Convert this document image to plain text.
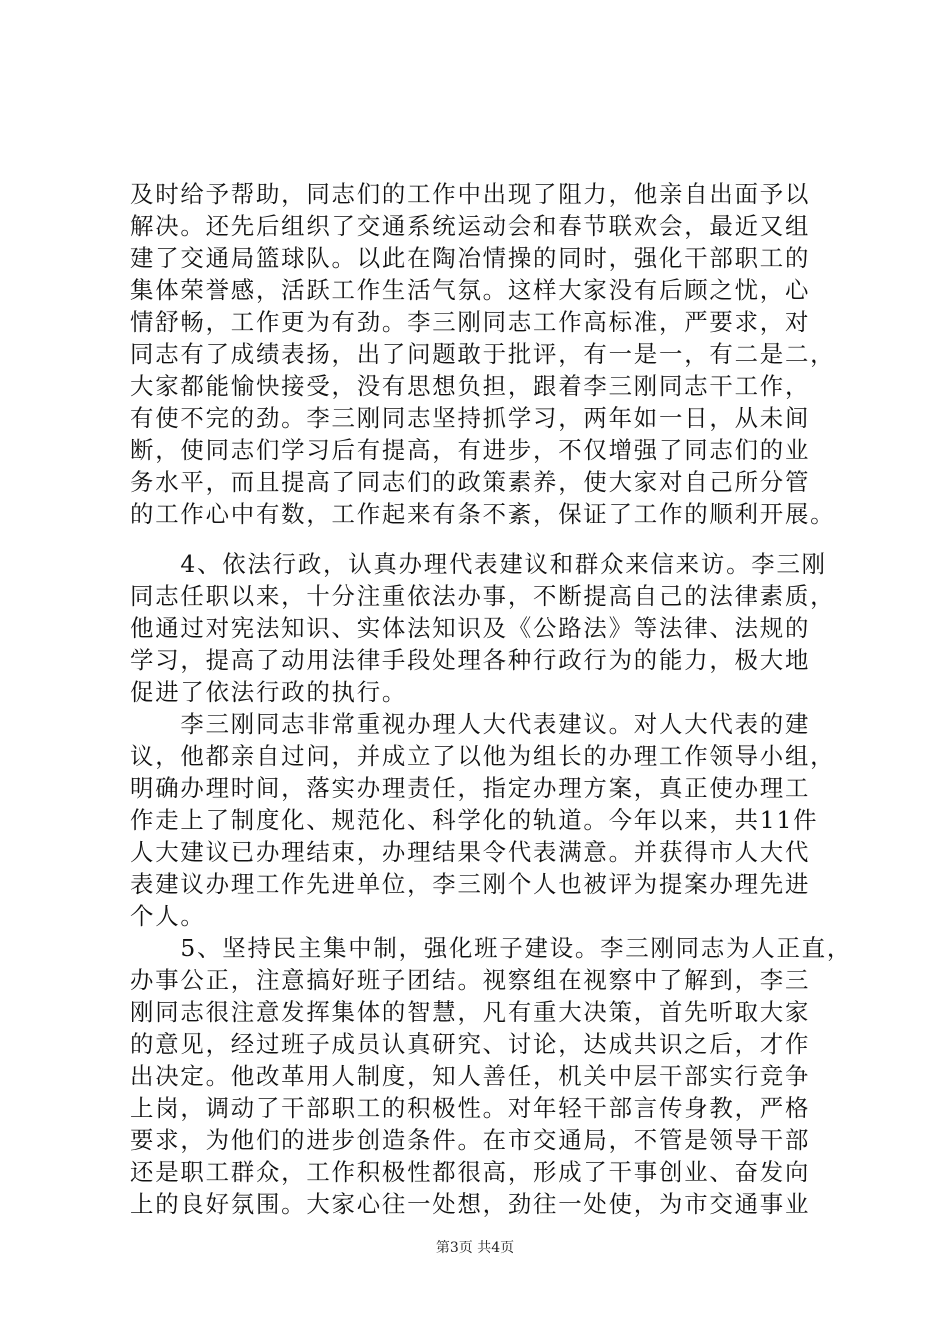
及时给予帮助，同志们的工作中出现了阻力，他亲自出面予以
解决。还先后组织了交通系统运动会和春节联欢会，最近又组
建了交通局篮球队。以此在陶冶情操的同时，强化干部职工的
集体荣誉感，活跃工作生活气氛。这样大家没有后顾之忧，心
情舒畅，工作更为有劲。李三刚同志工作高标准，严要求，对
同志有了成绩表扬，出了问题敢于批评，有一是一，有二是二，
大家都能愉快接受，没有思想负担，跟着李三刚同志干工作，
有使不完的劲。李三刚同志坚持抓学习，两年如一日，从未间
断，使同志们学习后有提高，有进步，不仅增强了同志们的业
务水平，而且提高了同志们的政策素养，使大家对自己所分管
的工作心中有数，工作起来有条不紊，保证了工作的顺利开展。
　　4、依法行政，认真办理代表建议和群众来信来访。李三刚
同志任职以来，十分注重依法办事，不断提高自己的法律素质，
他通过对宪法知识、实体法知识及《公路法》等法律、法规的
学习，提高了动用法律手段处理各种行政行为的能力，极大地
促进了依法行政的执行。
　　李三刚同志非常重视办理人大代表建议。对人大代表的建
议，他都亲自过问，并成立了以他为组长的办理工作领导小组，
明确办理时间，落实办理责任，指定办理方案，真正使办理工
作走上了制度化、规范化、科学化的轨道。今年以来，共11件
人大建议已办理结束，办理结果令代表满意。并获得市人大代
表建议办理工作先进单位，李三刚个人也被评为提案办理先进
个人。
　　5、坚持民主集中制，强化班子建设。李三刚同志为人正直，
办事公正，注意搞好班子团结。视察组在视察中了解到，李三
刚同志很注意发挥集体的智慧，凡有重大决策，首先听取大家
的意见，经过班子成员认真研究、讨论，达成共识之后，才作
出决定。他改革用人制度，知人善任，机关中层干部实行竞争
上岗，调动了干部职工的积极性。对年轻干部言传身教，严格
要求，为他们的进步创造条件。在市交通局，不管是领导干部
还是职工群众，工作积极性都很高，形成了干事创业、奋发向
上的良好氛围。大家心往一处想，劲往一处使，为市交通事业
第3页 共4页
